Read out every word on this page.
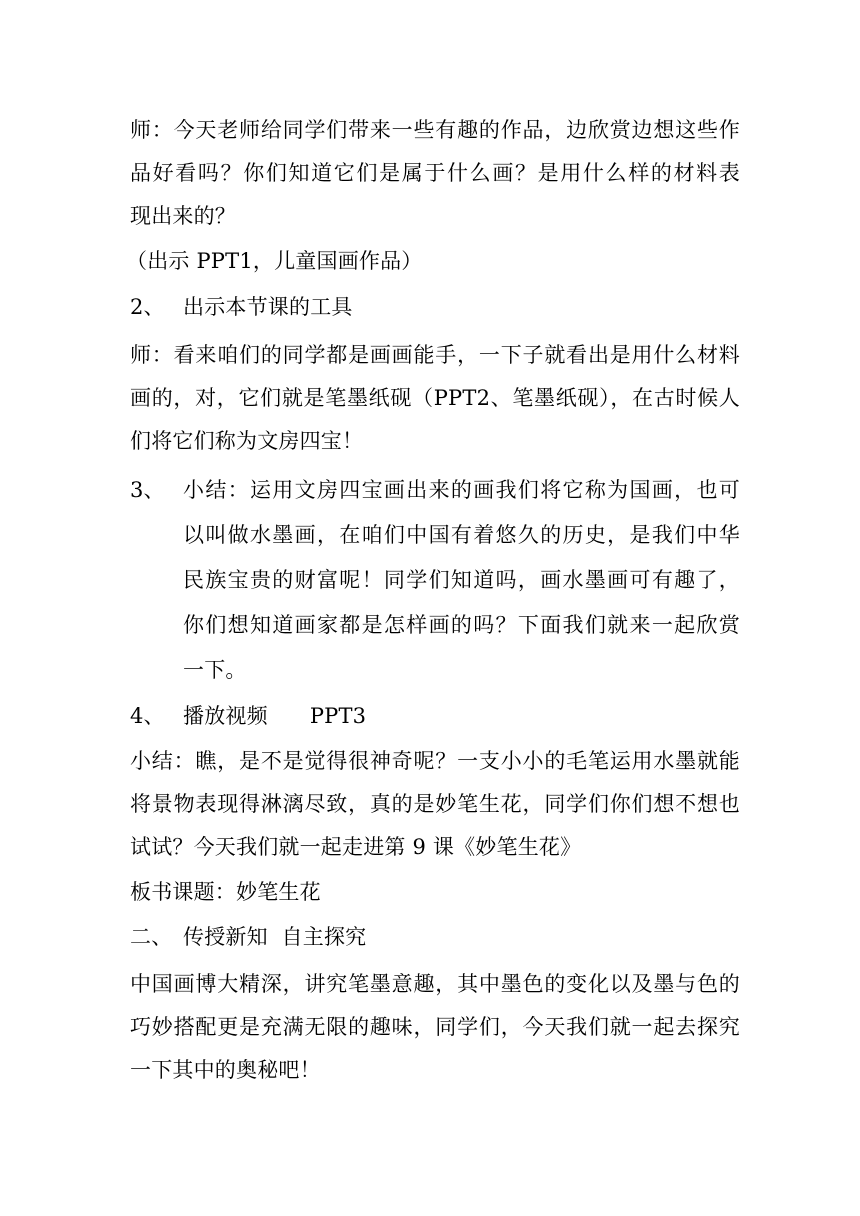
师：今天老师给同学们带来一些有趣的作品，边欣赏边想这些作
品好看吗？你们知道它们是属于什么画？是用什么样的材料表
现出来的？
（出示 PPT1，儿童国画作品）
2、 出示本节课的工具
师：看来咱们的同学都是画画能手，一下子就看出是用什么材料
画的，对，它们就是笔墨纸砚（PPT2、笔墨纸砚），在古时候人
们将它们称为文房四宝！
3、 小结：运用文房四宝画出来的画我们将它称为国画，也可
以叫做水墨画，在咱们中国有着悠久的历史，是我们中华
民族宝贵的财富呢！同学们知道吗，画水墨画可有趣了，
你们想知道画家都是怎样画的吗？下面我们就来一起欣赏
一下。
4、 播放视频 PPT3
小结：瞧，是不是觉得很神奇呢？一支小小的毛笔运用水墨就能
将景物表现得淋漓尽致，真的是妙笔生花，同学们你们想不想也
试试？今天我们就一起走进第 9 课《妙笔生花》
板书课题：妙笔生花
二、 传授新知  自主探究
中国画博大精深，讲究笔墨意趣，其中墨色的变化以及墨与色的
巧妙搭配更是充满无限的趣味，同学们，今天我们就一起去探究
一下其中的奥秘吧！
